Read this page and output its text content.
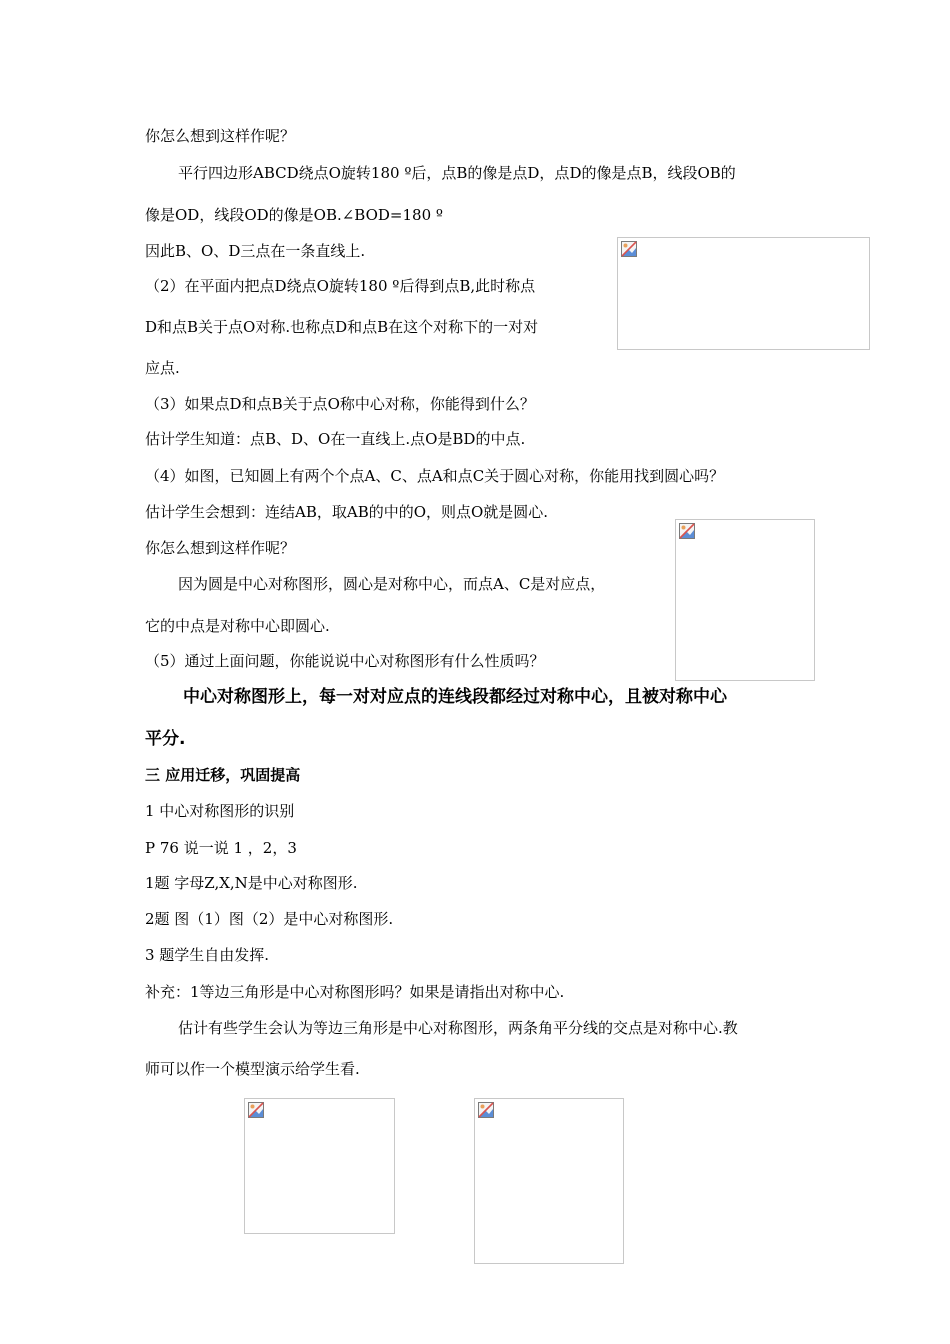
你怎么想到这样作呢？
平行四边形ABCD绕点O旋转180 º后，点B的像是点D，点D的像是点B，线段OB的
像是OD，线段OD的像是OB.∠BOD=180 º
因此B、O、D三点在一条直线上.
（2）在平面内把点D绕点O旋转180 º后得到点B,此时称点
D和点B关于点O对称.也称点D和点B在这个对称下的一对对
应点.
（3）如果点D和点B关于点O称中心对称，你能得到什么？
估计学生知道：点B、D、O在一直线上.点O是BD的中点.
（4）如图，已知圆上有两个个点A、C、点A和点C关于圆心对称，你能用找到圆心吗？
估计学生会想到：连结AB，取AB的中的O，则点O就是圆心.
你怎么想到这样作呢？
因为圆是中心对称图形，圆心是对称中心，而点A、C是对应点，
它的中点是对称中心即圆心.
（5）通过上面问题，你能说说中心对称图形有什么性质吗？
中心对称图形上，每一对对应点的连线段都经过对称中心，且被对称中心
平分.
三 应用迁移，巩固提高
1 中心对称图形的识别
P 76 说一说 1 ，2，3
1题 字母Z,X,N是中心对称图形.
2题 图（1）图（2）是中心对称图形.
3 题学生自由发挥.
补充：1等边三角形是中心对称图形吗？如果是请指出对称中心.
估计有些学生会认为等边三角形是中心对称图形，两条角平分线的交点是对称中心.教
师可以作一个模型演示给学生看.
